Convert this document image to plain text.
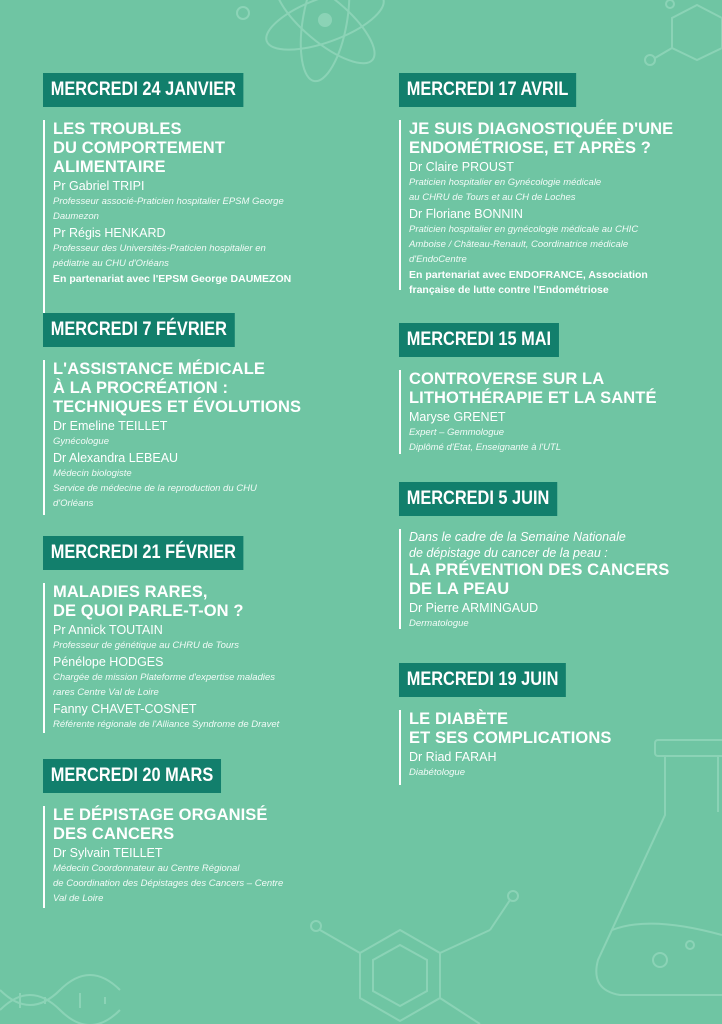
MERCREDI 24 JANVIER
LES TROUBLES
DU COMPORTEMENT
ALIMENTAIRE
Pr Gabriel TRIPI
Professeur associé-Praticien hospitalier EPSM George
Daumezon
Pr Régis HENKARD
Professeur des Universités-Praticien hospitalier en
pédiatrie au CHU d'Orléans
En partenariat avec l'EPSM George DAUMEZON
MERCREDI 7 FÉVRIER
L'ASSISTANCE MÉDICALE
À LA PROCRÉATION :
TECHNIQUES ET ÉVOLUTIONS
Dr Emeline TEILLET
Gynécologue
Dr Alexandra LEBEAU
Médecin biologiste
Service de médecine de la reproduction du CHU
d'Orléans
MERCREDI 21 FÉVRIER
MALADIES RARES,
DE QUOI PARLE-T-ON ?
Pr Annick TOUTAIN
Professeur de génétique au CHRU de Tours
Pénélope HODGES
Chargée de mission Plateforme d'expertise maladies
rares Centre Val de Loire
Fanny CHAVET-COSNET
Référente régionale de l'Alliance Syndrome de Dravet
MERCREDI 20 MARS
LE DÉPISTAGE ORGANISÉ
DES CANCERS
Dr Sylvain TEILLET
Médecin Coordonnateur au Centre Régional
de Coordination des Dépistages des Cancers – Centre
Val de Loire
MERCREDI 17 AVRIL
JE SUIS DIAGNOSTIQUÉE D'UNE
ENDOMÉTRIOSE, ET APRÈS ?
Dr Claire PROUST
Praticien hospitalier en Gynécologie médicale
au CHRU de Tours et au CH de Loches
Dr Floriane BONNIN
Praticien hospitalier en gynécologie médicale au CHIC
Amboise / Château-Renault, Coordinatrice médicale
d'EndoCentre
En partenariat avec ENDOFRANCE, Association
française de lutte contre l'Endométriose
MERCREDI 15 MAI
CONTROVERSE SUR LA
LITHOTHÉRAPIE ET LA SANTÉ
Maryse GRENET
Expert – Gemmologue
Diplômé d'Etat, Enseignante à l'UTL
MERCREDI 5 JUIN
Dans le cadre de la Semaine Nationale
de dépistage du cancer de la peau :
LA PRÉVENTION DES CANCERS
DE LA PEAU
Dr Pierre ARMINGAUD
Dermatologue
MERCREDI 19 JUIN
LE DIABÈTE
ET SES COMPLICATIONS
Dr Riad FARAH
Diabétologue
